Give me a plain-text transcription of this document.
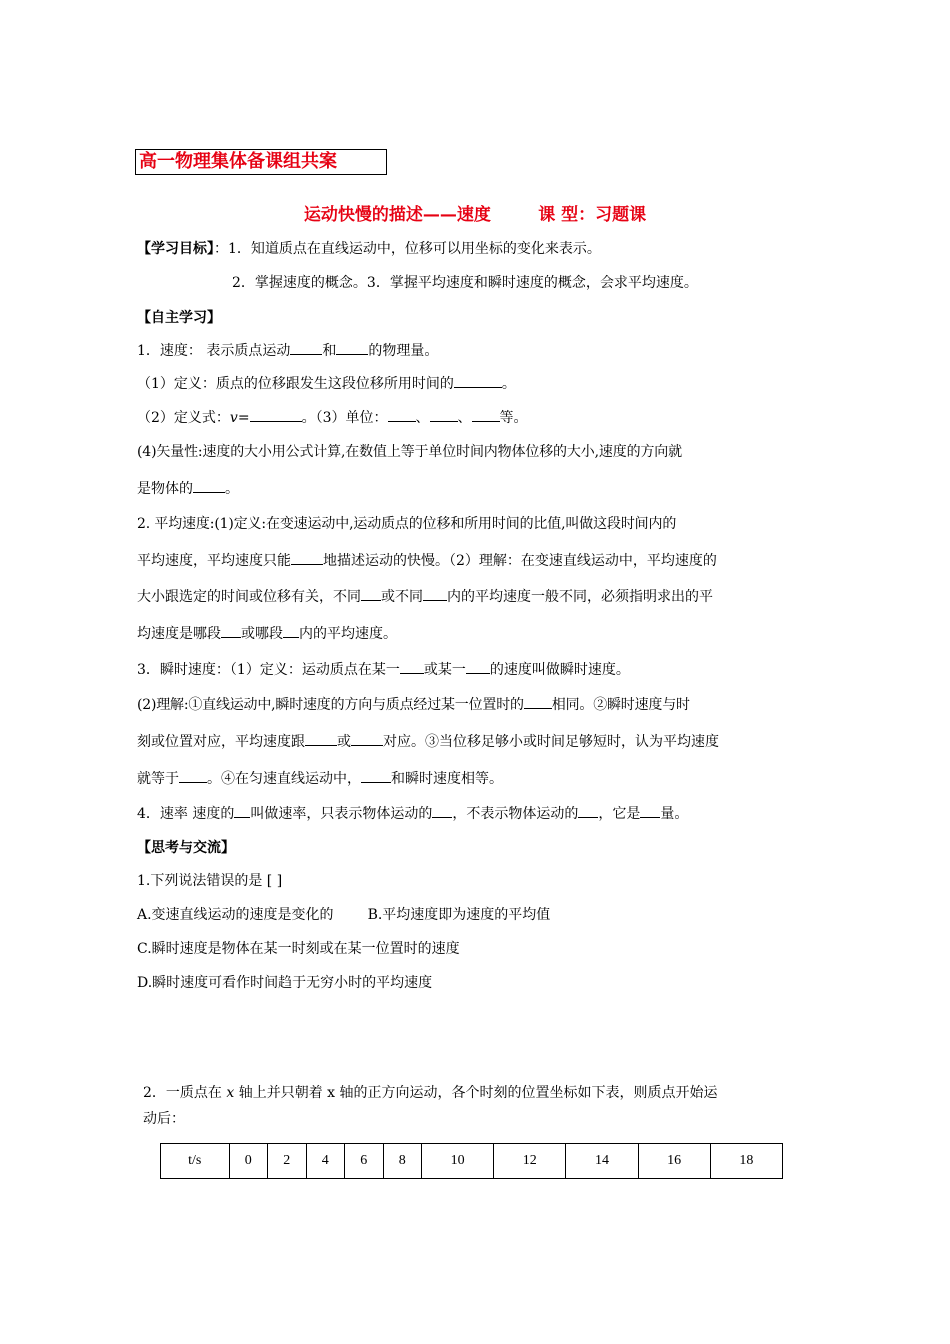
高一物理集体备课组共案
运动快慢的描述——速度	课 型：习题课
【学习目标】：1．知道质点在直线运动中，位移可以用坐标的变化来表示。
2．掌握速度的概念。3．掌握平均速度和瞬时速度的概念，会求平均速度。
【自主学习】
1．速度： 表示质点运动 和 的物理量。
（1）定义：质点的位移跟发生这段位移所用时间的	。
（2）定义式：v=	。（3）单位： 、 、 等。
(4)矢量性:速度的大小用公式计算,在数值上等于单位时间内物体位移的大小,速度的方向就
是物体的 。
2. 平均速度:(1)定义:在变速运动中,运动质点的位移和所用时间的比值,叫做这段时间内的
平均速度，平均速度只能 地描述运动的快慢。（2）理解：在变速直线运动中，平均速度的
大小跟选定的时间或位移有关，不同 或不同 内的平均速度一般不同，必须指明求出的平
均速度是哪段 或哪段 内的平均速度。
3．瞬时速度：（1）定义：运动质点在某一 或某一 的速度叫做瞬时速度。
(2)理解:①直线运动中,瞬时速度的方向与质点经过某一位置时的 相同。②瞬时速度与时
刻或位置对应，平均速度跟 或 对应。③当位移足够小或时间足够短时，认为平均速度
就等于 。④在匀速直线运动中， 和瞬时速度相等。
4．速率 速度的 叫做速率，只表示物体运动的 ，不表示物体运动的 ，它是 量。
【思考与交流】
1.下列说法错误的是 [ ]
A.变速直线运动的速度是变化的 B.平均速度即为速度的平均值
C.瞬时速度是物体在某一时刻或在某一位置时的速度
D.瞬时速度可看作时间趋于无穷小时的平均速度
2．一质点在 x 轴上并只朝着 x 轴的正方向运动，各个时刻的位置坐标如下表，则质点开始运
动后：
t/s	0	2	4	6	8	10	12	14	16	18
